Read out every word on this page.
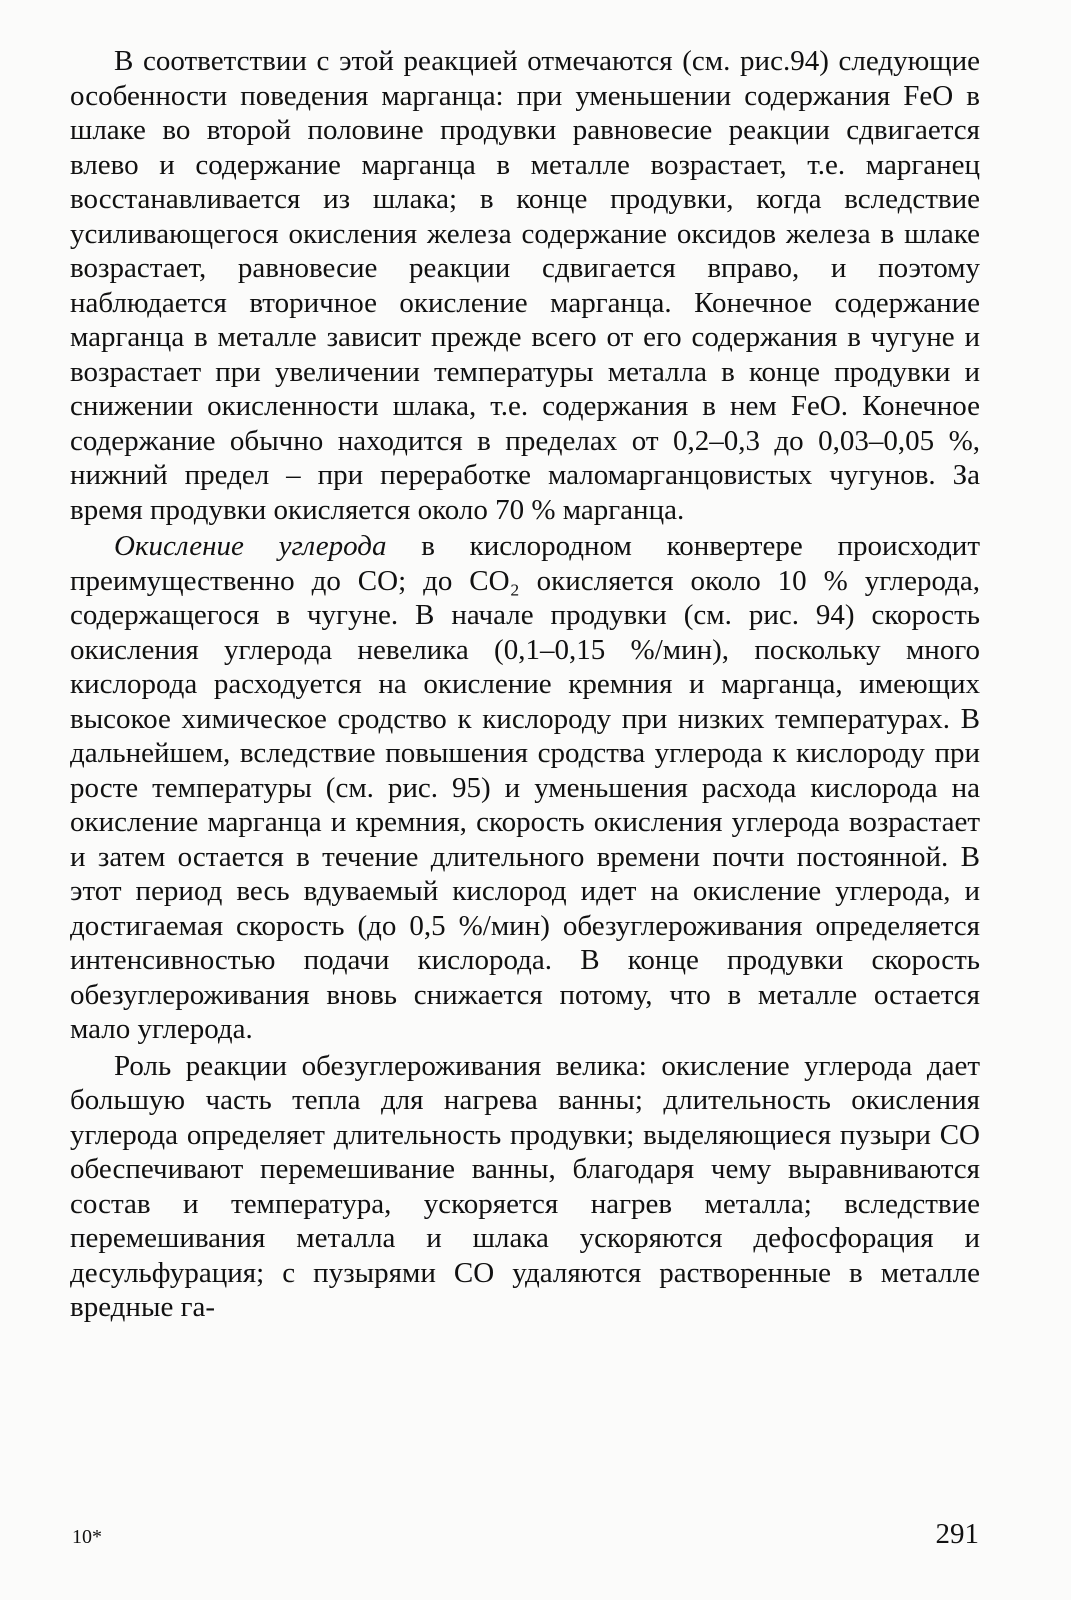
В соответствии с этой реакцией отмечаются (см. рис.94) следующие особенности поведения марганца: при уменьшении содержания FeO в шлаке во второй половине продувки равновесие реакции сдвигается влево и содержание марганца в металле возрастает, т.е. марганец восстанавливается из шлака; в конце продувки, когда вследствие усиливающегося окисления железа содержание оксидов железа в шлаке возрастает, равновесие реакции сдвигается вправо, и поэтому наблюдается вторичное окисление марганца. Конечное содержание марганца в металле зависит прежде всего от его содержания в чугуне и возрастает при увеличении температуры металла в конце продувки и снижении окисленности шлака, т.е. содержания в нем FeO. Конечное содержание обычно находится в пределах от 0,2–0,3 до 0,03–0,05 %, нижний предел – при переработке маломарганцовистых чугунов. За время продувки окисляется около 70 % марганца.

Окисление углерода в кислородном конвертере происходит преимущественно до CO; до CO₂ окисляется около 10 % углерода, содержащегося в чугуне. В начале продувки (см. рис. 94) скорость окисления углерода невелика (0,1–0,15 %/мин), поскольку много кислорода расходуется на окисление кремния и марганца, имеющих высокое химическое сродство к кислороду при низких температурах. В дальнейшем, вследствие повышения сродства углерода к кислороду при росте температуры (см. рис. 95) и уменьшения расхода кислорода на окисление марганца и кремния, скорость окисления углерода возрастает и затем остается в течение длительного времени почти постоянной. В этот период весь вдуваемый кислород идет на окисление углерода, и достигаемая скорость (до 0,5 %/мин) обезуглероживания определяется интенсивностью подачи кислорода. В конце продувки скорость обезуглероживания вновь снижается потому, что в металле остается мало углерода.

Роль реакции обезуглероживания велика: окисление углерода дает большую часть тепла для нагрева ванны; длительность окисления углерода определяет длительность продувки; выделяющиеся пузыри CO обеспечивают перемешивание ванны, благодаря чему выравниваются состав и температура, ускоряется нагрев металла; вследствие перемешивания металла и шлака ускоряются дефосфорация и десульфурация; с пузырями CO удаляются растворенные в металле вредные га-

10*	291
